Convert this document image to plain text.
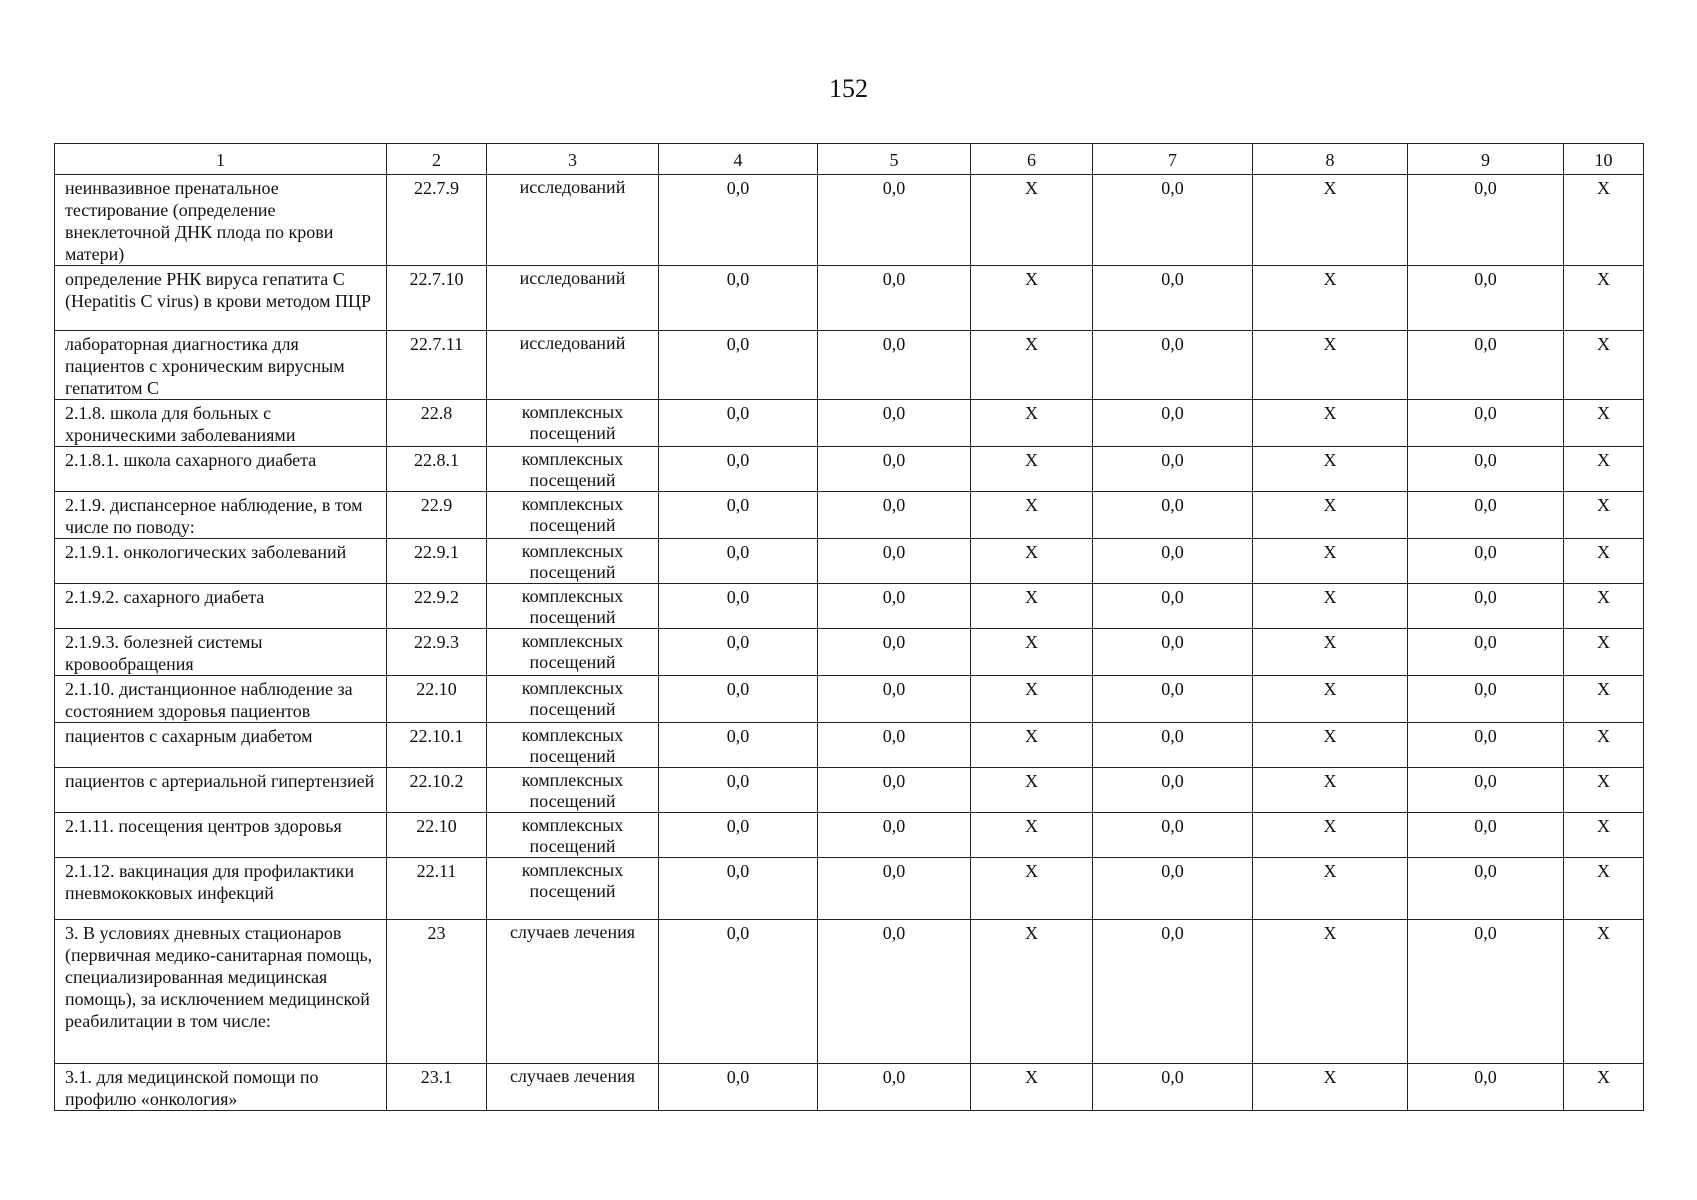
152
1	2	3	4	5	6	7	8	9	10
неинвазивное пренатальное тестирование (определение внеклеточной ДНК плода по крови матери)	22.7.9	исследований	0,0	0,0	X	0,0	X	0,0	X
определение РНК вируса гепатита С (Hepatitis C virus) в крови методом ПЦР	22.7.10	исследований	0,0	0,0	X	0,0	X	0,0	X
лабораторная диагностика для пациентов с хроническим вирусным гепатитом С	22.7.11	исследований	0,0	0,0	X	0,0	X	0,0	X
2.1.8. школа для больных с хроническими заболеваниями	22.8	комплексных посещений	0,0	0,0	X	0,0	X	0,0	X
2.1.8.1. школа сахарного диабета	22.8.1	комплексных посещений	0,0	0,0	X	0,0	X	0,0	X
2.1.9. диспансерное наблюдение, в том числе по поводу:	22.9	комплексных посещений	0,0	0,0	X	0,0	X	0,0	X
2.1.9.1. онкологических заболеваний	22.9.1	комплексных посещений	0,0	0,0	X	0,0	X	0,0	X
2.1.9.2. сахарного диабета	22.9.2	комплексных посещений	0,0	0,0	X	0,0	X	0,0	X
2.1.9.3. болезней системы кровообращения	22.9.3	комплексных посещений	0,0	0,0	X	0,0	X	0,0	X
2.1.10. дистанционное наблюдение за состоянием здоровья пациентов	22.10	комплексных посещений	0,0	0,0	X	0,0	X	0,0	X
пациентов с сахарным диабетом	22.10.1	комплексных посещений	0,0	0,0	X	0,0	X	0,0	X
пациентов с артериальной гипертензией	22.10.2	комплексных посещений	0,0	0,0	X	0,0	X	0,0	X
2.1.11. посещения центров здоровья	22.10	комплексных посещений	0,0	0,0	X	0,0	X	0,0	X
2.1.12. вакцинация для профилактики пневмококковых инфекций	22.11	комплексных посещений	0,0	0,0	X	0,0	X	0,0	X
3. В условиях дневных стационаров (первичная медико-санитарная помощь, специализированная медицинская помощь), за исключением медицинской реабилитации в том числе:	23	случаев лечения	0,0	0,0	X	0,0	X	0,0	X
3.1. для медицинской помощи по профилю «онкология»	23.1	случаев лечения	0,0	0,0	X	0,0	X	0,0	X
